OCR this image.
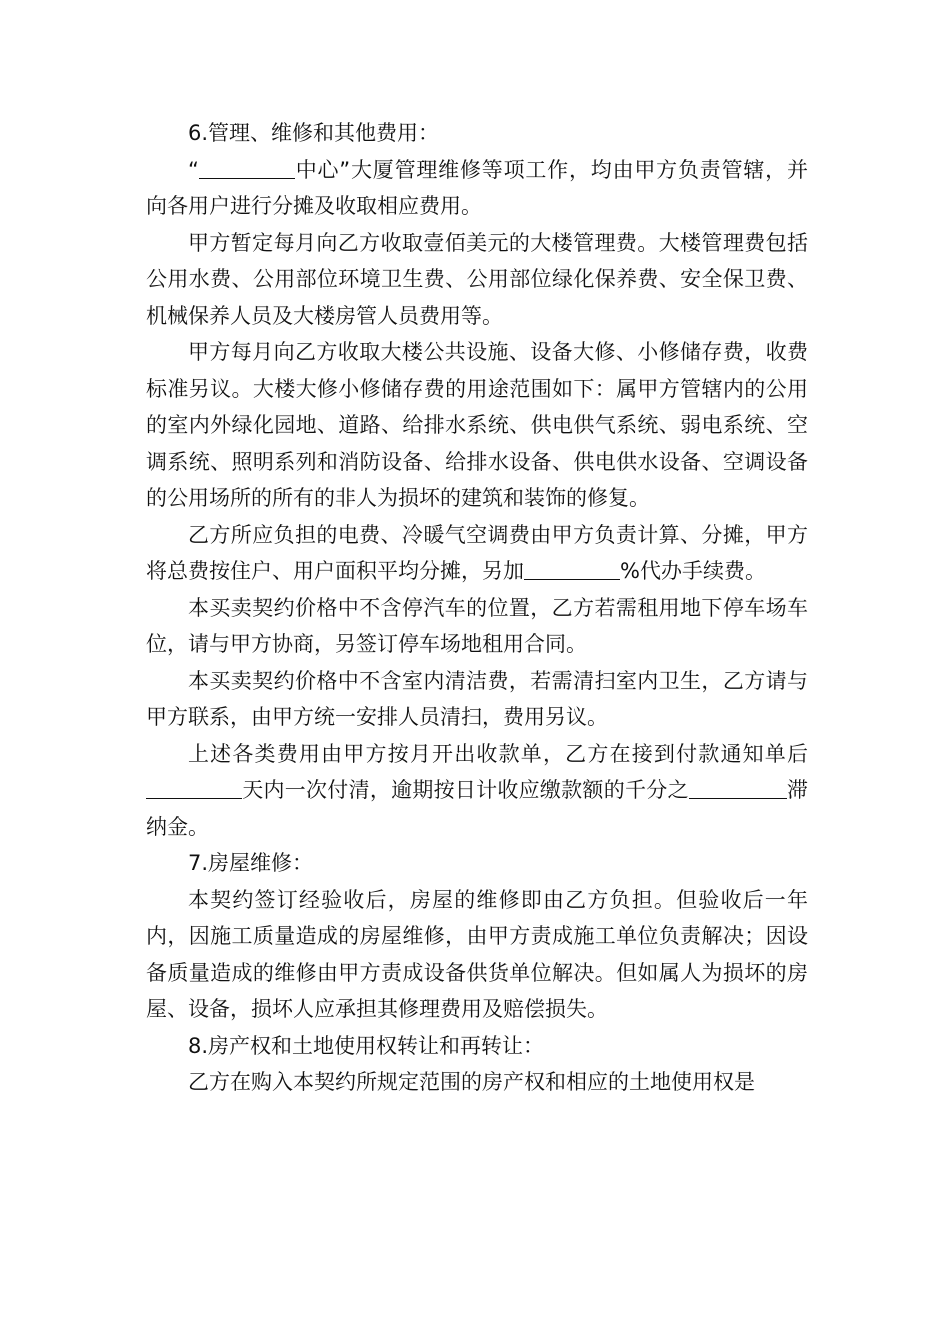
6.管理、维修和其他费用：

“	中心”大厦管理维修等项工作，均由甲方负责管辖，并向各用户进行分摊及收取相应费用。

甲方暂定每月向乙方收取壹佰美元的大楼管理费。大楼管理费包括公用水费、公用部位环境卫生费、公用部位绿化保养费、安全保卫费、机械保养人员及大楼房管人员费用等。

甲方每月向乙方收取大楼公共设施、设备大修、小修储存费，收费标准另议。大楼大修小修储存费的用途范围如下：属甲方管辖内的公用的室内外绿化园地、道路、给排水系统、供电供气系统、弱电系统、空调系统、照明系列和消防设备、给排水设备、供电供水设备、空调设备的公用场所的所有的非人为损坏的建筑和装饰的修复。

乙方所应负担的电费、冷暖气空调费由甲方负责计算、分摊，甲方将总费按住户、用户面积平均分摊，另加	%代办手续费。

本买卖契约价格中不含停汽车的位置，乙方若需租用地下停车场车位，请与甲方协商，另签订停车场地租用合同。

本买卖契约价格中不含室内清洁费，若需清扫室内卫生，乙方请与甲方联系，由甲方统一安排人员清扫，费用另议。

上述各类费用由甲方按月开出收款单，乙方在接到付款通知单后天内一次付清，逾期按日计收应缴款额的千分之	滞纳金。

7.房屋维修：

本契约签订经验收后，房屋的维修即由乙方负担。但验收后一年内，因施工质量造成的房屋维修，由甲方责成施工单位负责解决；因设备质量造成的维修由甲方责成设备供货单位解决。但如属人为损坏的房屋、设备，损坏人应承担其修理费用及赔偿损失。

8.房产权和土地使用权转让和再转让：

乙方在购入本契约所规定范围的房产权和相应的土地使用权是
